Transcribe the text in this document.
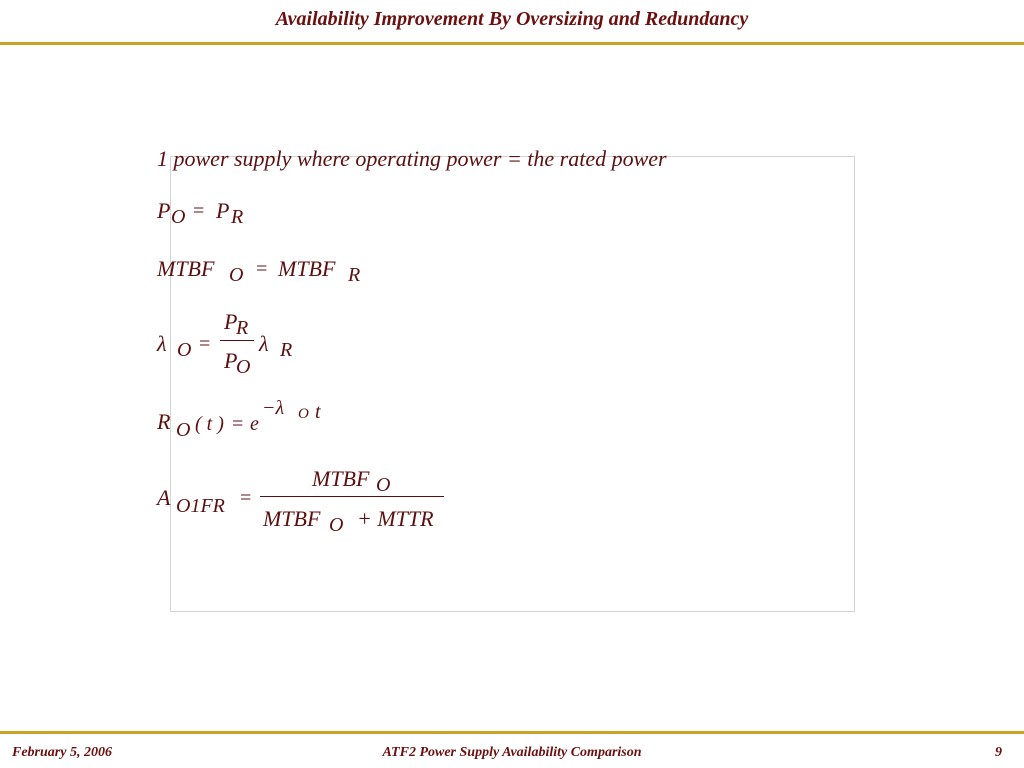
Availability Improvement By Oversizing and Redundancy
1 power supply where operating power = the rated power
P O = P R
MTBF O = MTBF R
λ O =
P
R
P
O
λ R
R O ( t ) = e
−λ O t
A O1FR =
MTBF O
MTBF O + MTTR
February 5, 2006	ATF2 Power Supply Availability Comparison	9
